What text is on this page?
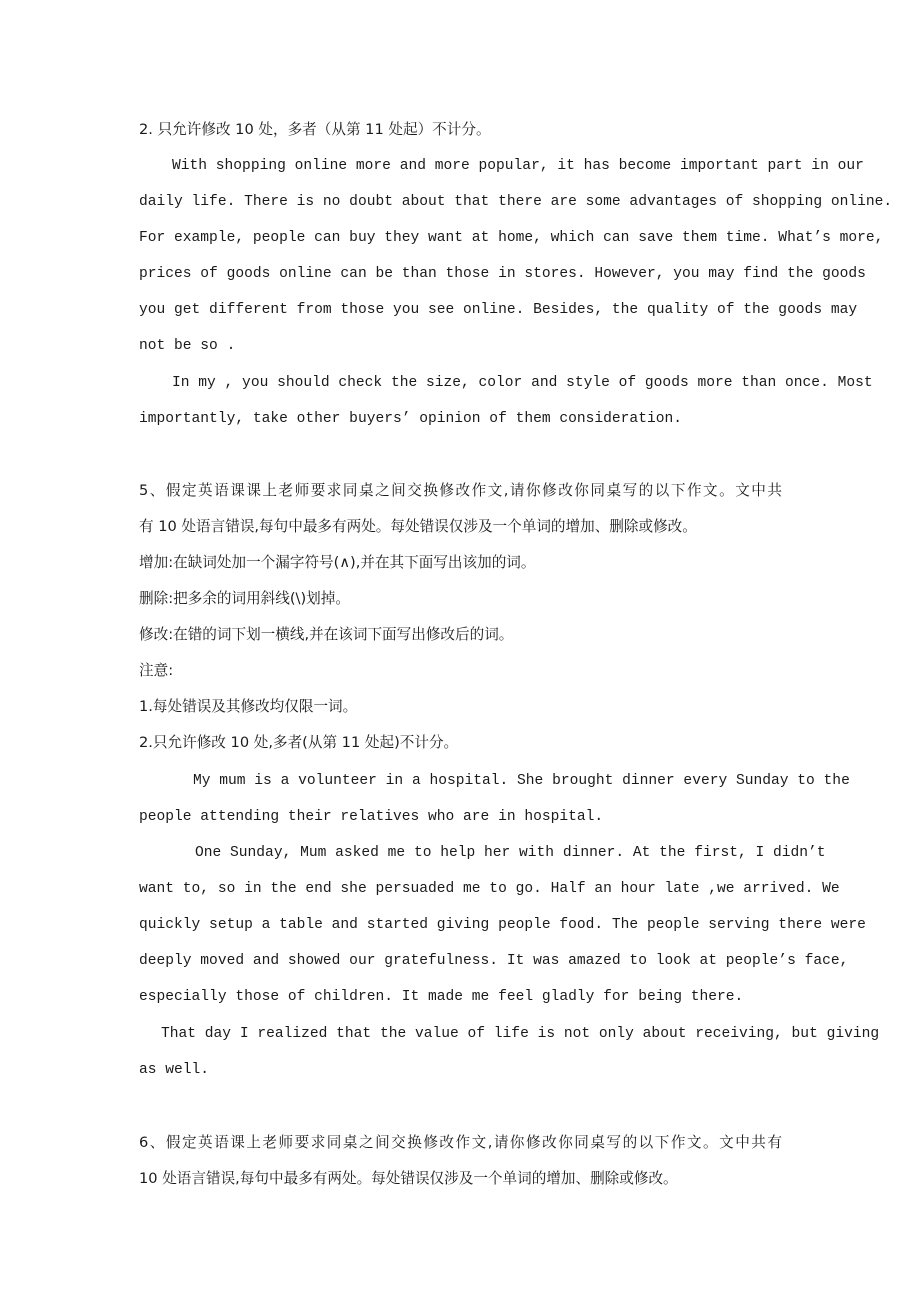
2. 只允许修改 10 处，多者（从第 11 处起）不计分。
With shopping online more and more popular, it has become important part in our
daily life. There is no doubt about that there are some advantages of shopping online.
For example, people can buy they want at home, which can save them time. What’s more,
prices of goods online can be than those in stores. However, you may find the goods
you get different from those you see online. Besides, the quality of the goods may
not be so .
In my , you should check the size, color and style of goods more than once. Most
importantly, take other buyers’ opinion of them consideration.
5、假定英语课课上老师要求同桌之间交换修改作文,请你修改你同桌写的以下作文。文中共
有 10 处语言错误,每句中最多有两处。每处错误仅涉及一个单词的增加、删除或修改。
增加:在缺词处加一个漏字符号(∧),并在其下面写出该加的词。
删除:把多余的词用斜线(\)划掉。
修改:在错的词下划一横线,并在该词下面写出修改后的词。
注意:
1.每处错误及其修改均仅限一词。
2.只允许修改 10 处,多者(从第 11 处起)不计分。
My mum is a volunteer in a hospital. She brought dinner every Sunday to the
people attending their relatives who are in hospital.
One Sunday, Mum asked me to help her with dinner. At the first, I didn’t
want to, so in the end she persuaded me to go. Half an hour late ,we arrived. We
quickly setup a table and started giving people food. The people serving there were
deeply moved and showed our gratefulness. It was amazed to look at people’s face,
especially those of children. It made me feel gladly for being there.
That day I realized that the value of life is not only about receiving, but giving
as well.
6、假定英语课上老师要求同桌之间交换修改作文,请你修改你同桌写的以下作文。文中共有
10 处语言错误,每句中最多有两处。每处错误仅涉及一个单词的增加、删除或修改。
